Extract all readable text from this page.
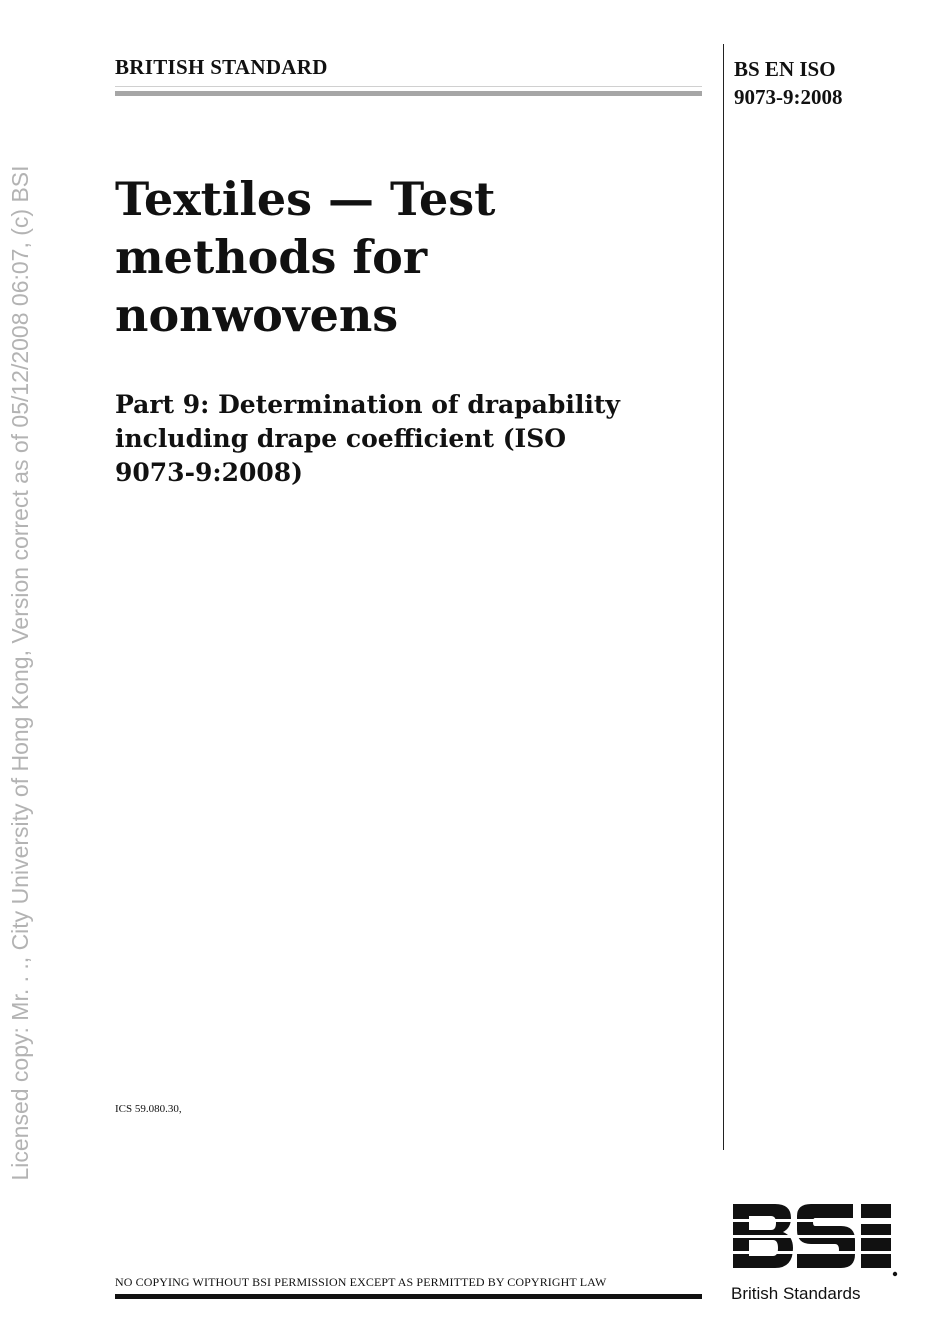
Licensed copy: Mr. . ., City University of Hong Kong, Version correct as of 05/12/2008 06:07, (c) BSI
BRITISH STANDARD	BS EN ISO
9073-9:2008
Textiles — Test
methods for
nonwovens
Part 9: Determination of drapability
including drape coefficient (ISO
9073-9:2008)
ICS 59.080.30,
NO COPYING WITHOUT BSI PERMISSION EXCEPT AS PERMITTED BY COPYRIGHT LAW
British Standards
